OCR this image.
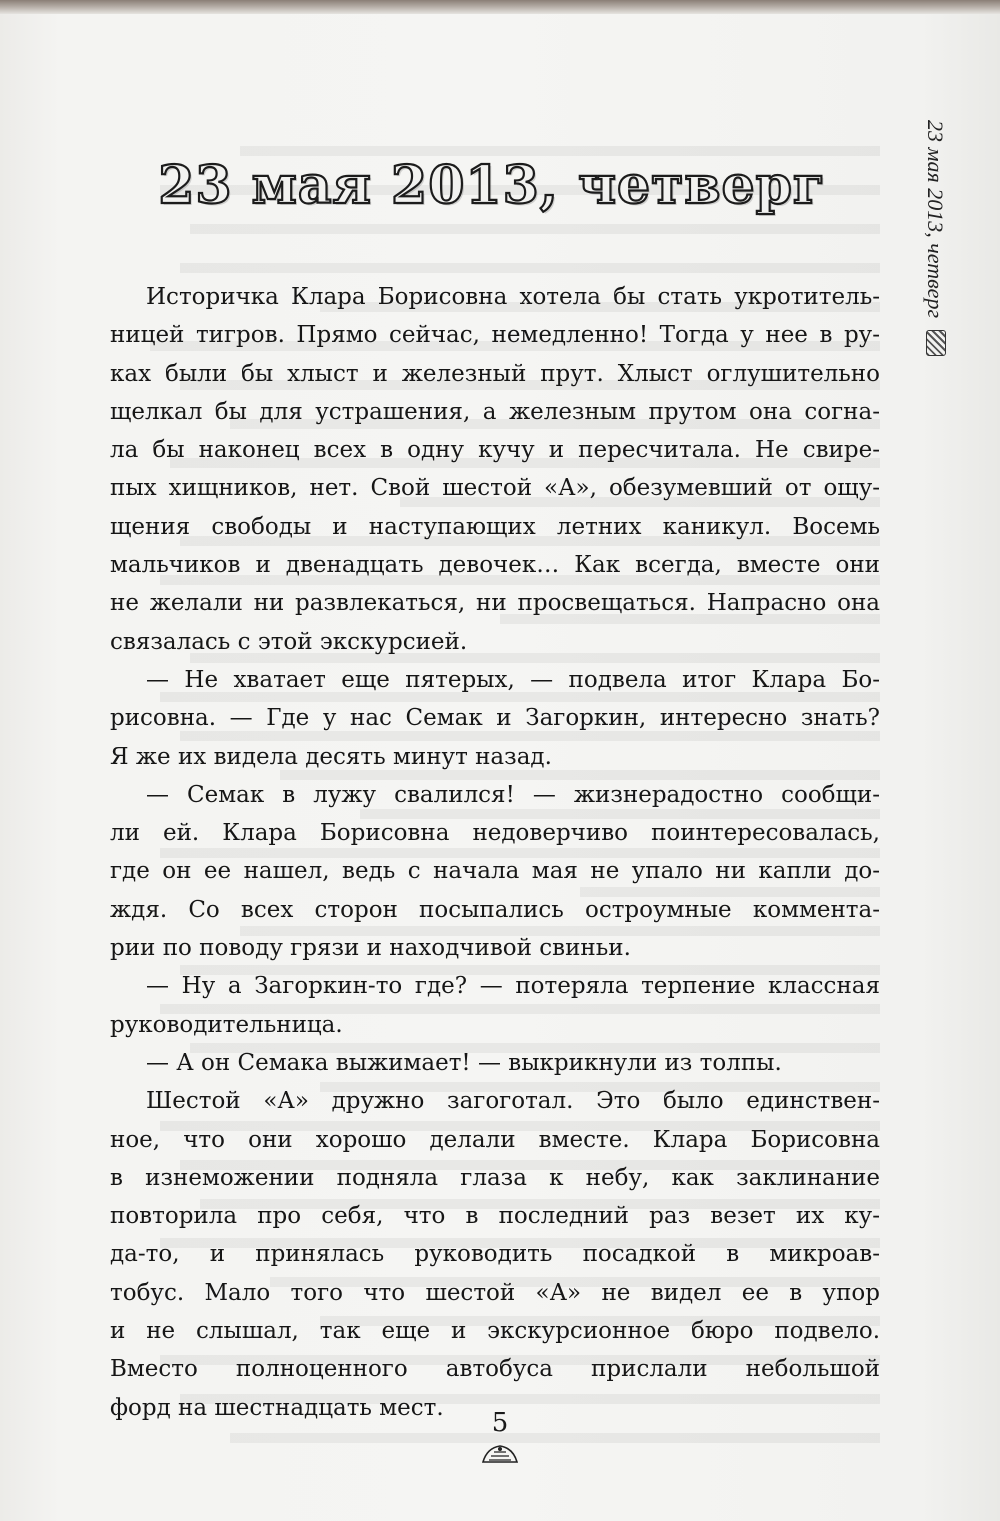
23 мая 2013, четверг	23 мая 2013, четверг

Историчка Клара Борисовна хотела бы стать укротитель-

ницей тигров. Прямо сейчас, немедленно! Тогда у нее в ру-

ках были бы хлыст и железный прут. Хлыст оглушительно

щелкал бы для устрашения, а железным прутом она согна-

ла бы наконец всех в одну кучу и пересчитала. Не свире-

пых хищников, нет. Свой шестой «А», обезумевший от ощу-

щения свободы и наступающих летних каникул. Восемь

мальчиков и двенадцать девочек… Как всегда, вместе они

не желали ни развлекаться, ни просвещаться. Напрасно она

связалась с этой экскурсией.

— Не хватает еще пятерых, — подвела итог Клара Бо-

рисовна. — Где у нас Семак и Загоркин, интересно знать?

Я же их видела десять минут назад.

— Семак в лужу свалился! — жизнерадостно сообщи-

ли ей. Клара Борисовна недоверчиво поинтересовалась,

где он ее нашел, ведь с начала мая не упало ни капли до-

ждя. Со всех сторон посыпались остроумные коммента-

рии по поводу грязи и находчивой свиньи.

— Ну а Загоркин-то где? — потеряла терпение классная

руководительница.

— А он Семака выжимает! — выкрикнули из толпы.

Шестой «А» дружно загоготал. Это было единствен-

ное, что они хорошо делали вместе. Клара Борисовна

в изнеможении подняла глаза к небу, как заклинание

повторила про себя, что в последний раз везет их ку-

да-то, и принялась руководить посадкой в микроав-

тобус. Мало того что шестой «А» не видел ее в упор

и не слышал, так еще и экскурсионное бюро подвело.

Вместо полноценного автобуса прислали небольшой

форд на шестнадцать мест.

5
